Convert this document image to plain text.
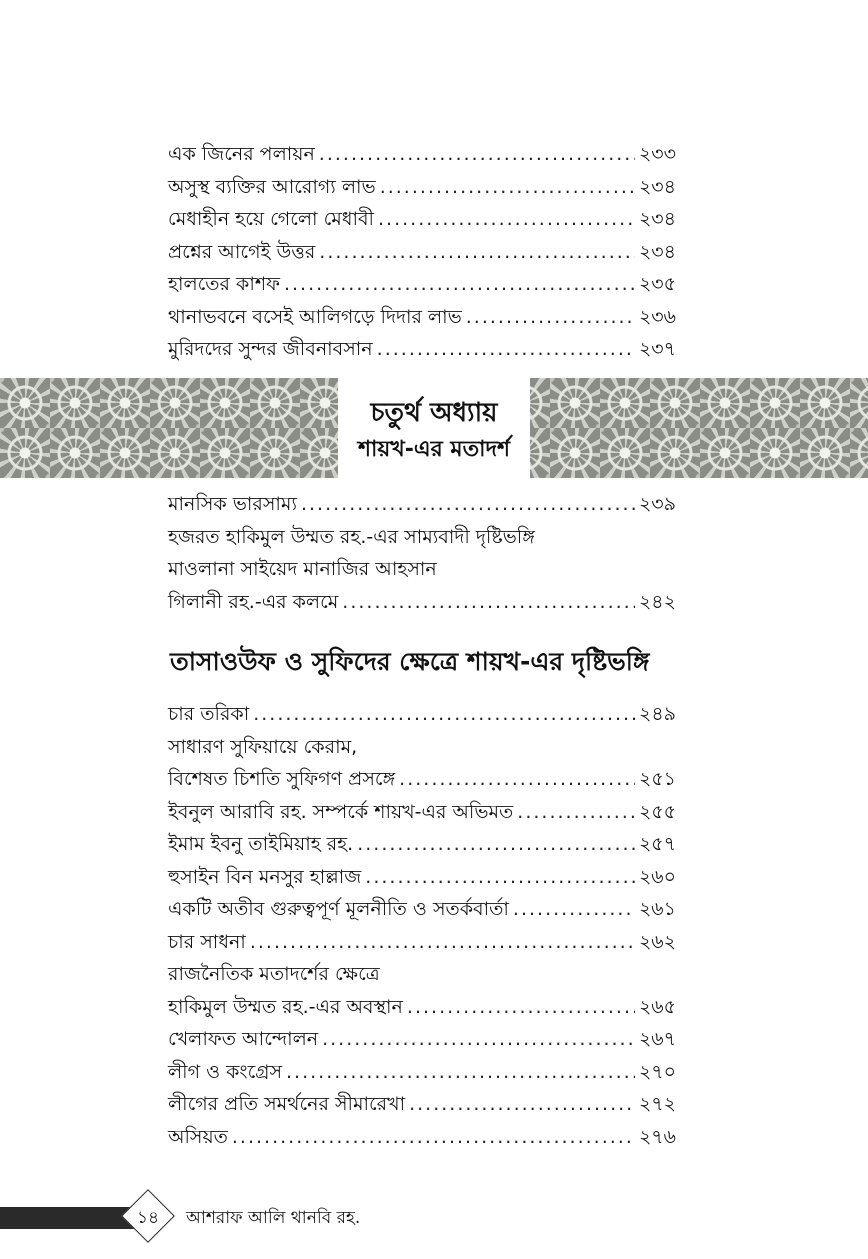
এক জিনের পলায়ন .....	২৩৩
অসুস্থ ব্যক্তির আরোগ্য লাভ .....	২৩৪
মেধাহীন হয়ে গেলো মেধাবী .....	২৩৪
প্রশ্নের আগেই উত্তর .....	২৩৪
হালতের কাশফ .....	২৩৫
থানাভবনে বসেই আলিগড়ে দিদার লাভ .....	২৩৬
মুরিদদের সুন্দর জীবনাবসান .....	২৩৭
চতুর্থ অধ্যায়
শায়খ-এর মতাদর্শ
মানসিক ভারসাম্য .....	২৩৯
হজরত হাকিমুল উম্মত রহ.-এর সাম্যবাদী দৃষ্টিভঙ্গি
মাওলানা সাইয়েদ মানাজির আহসান
গিলানী রহ.-এর কলমে .....	২৪২
তাসাওউফ ও সুফিদের ক্ষেত্রে শায়খ-এর দৃষ্টিভঙ্গি
চার তরিকা .....	২৪৯
সাধারণ সুফিয়ায়ে কেরাম,
বিশেষত চিশতি সুফিগণ প্রসঙ্গে .....	২৫১
ইবনুল আরাবি রহ. সম্পর্কে শায়খ-এর অভিমত .....	২৫৫
ইমাম ইবনু তাইমিয়াহ রহ. .....	২৫৭
হুসাইন বিন মনসুর হাল্লাজ .....	২৬০
একটি অতীব গুরুত্বপূর্ণ মূলনীতি ও সতর্কবার্তা .....	২৬১
চার সাধনা .....	২৬২
রাজনৈতিক মতাদর্শের ক্ষেত্রে
হাকিমুল উম্মত রহ.-এর অবস্থান .....	২৬৫
খেলাফত আন্দোলন .....	২৬৭
লীগ ও কংগ্রেস .....	২৭০
লীগের প্রতি সমর্থনের সীমারেখা .....	২৭২
অসিয়ত .....	২৭৬
১৪	আশরাফ আলি থানবি রহ.
